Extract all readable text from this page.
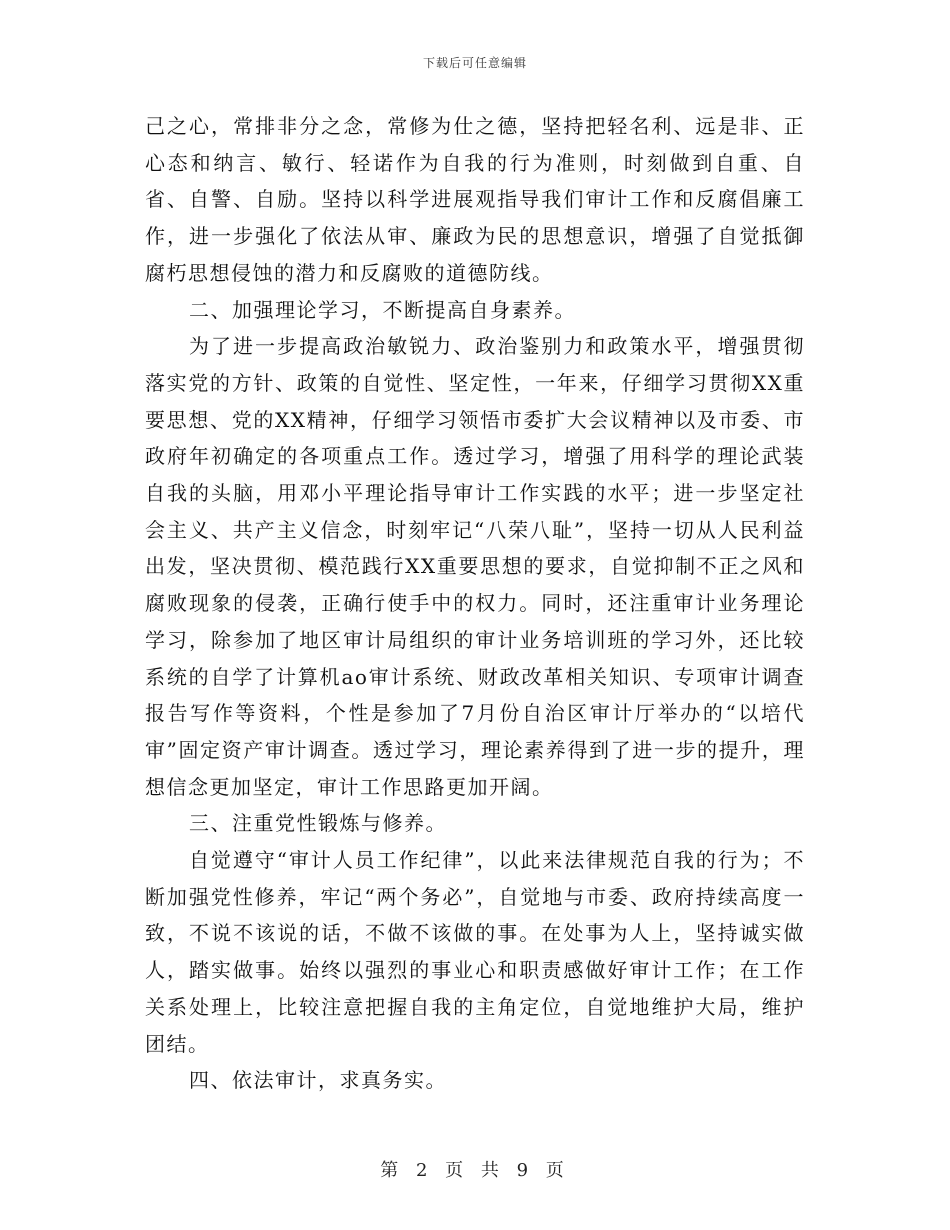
下载后可任意编辑

己之心，常排非分之念，常修为仕之德，坚持把轻名利、远是非、正心态和纳言、敏行、轻诺作为自我的行为准则，时刻做到自重、自省、自警、自励。坚持以科学进展观指导我们审计工作和反腐倡廉工作，进一步强化了依法从审、廉政为民的思想意识，增强了自觉抵御腐朽思想侵蚀的潜力和反腐败的道德防线。

二、加强理论学习，不断提高自身素养。

为了进一步提高政治敏锐力、政治鉴别力和政策水平，增强贯彻落实党的方针、政策的自觉性、坚定性，一年来，仔细学习贯彻XX重要思想、党的XX精神，仔细学习领悟市委扩大会议精神以及市委、市政府年初确定的各项重点工作。透过学习，增强了用科学的理论武装自我的头脑，用邓小平理论指导审计工作实践的水平；进一步坚定社会主义、共产主义信念，时刻牢记“八荣八耻”，坚持一切从人民利益出发，坚决贯彻、模范践行XX重要思想的要求，自觉抑制不正之风和腐败现象的侵袭，正确行使手中的权力。同时，还注重审计业务理论学习，除参加了地区审计局组织的审计业务培训班的学习外，还比较系统的自学了计算机ao审计系统、财政改革相关知识、专项审计调查报告写作等资料，个性是参加了7月份自治区审计厅举办的“以培代审”固定资产审计调查。透过学习，理论素养得到了进一步的提升，理想信念更加坚定，审计工作思路更加开阔。

三、注重党性锻炼与修养。

自觉遵守“审计人员工作纪律”，以此来法律规范自我的行为；不断加强党性修养，牢记“两个务必”，自觉地与市委、政府持续高度一致，不说不该说的话，不做不该做的事。在处事为人上，坚持诚实做人，踏实做事。始终以强烈的事业心和职责感做好审计工作；在工作关系处理上，比较注意把握自我的主角定位，自觉地维护大局，维护团结。

四、依法审计，求真务实。

第 2 页 共 9 页
